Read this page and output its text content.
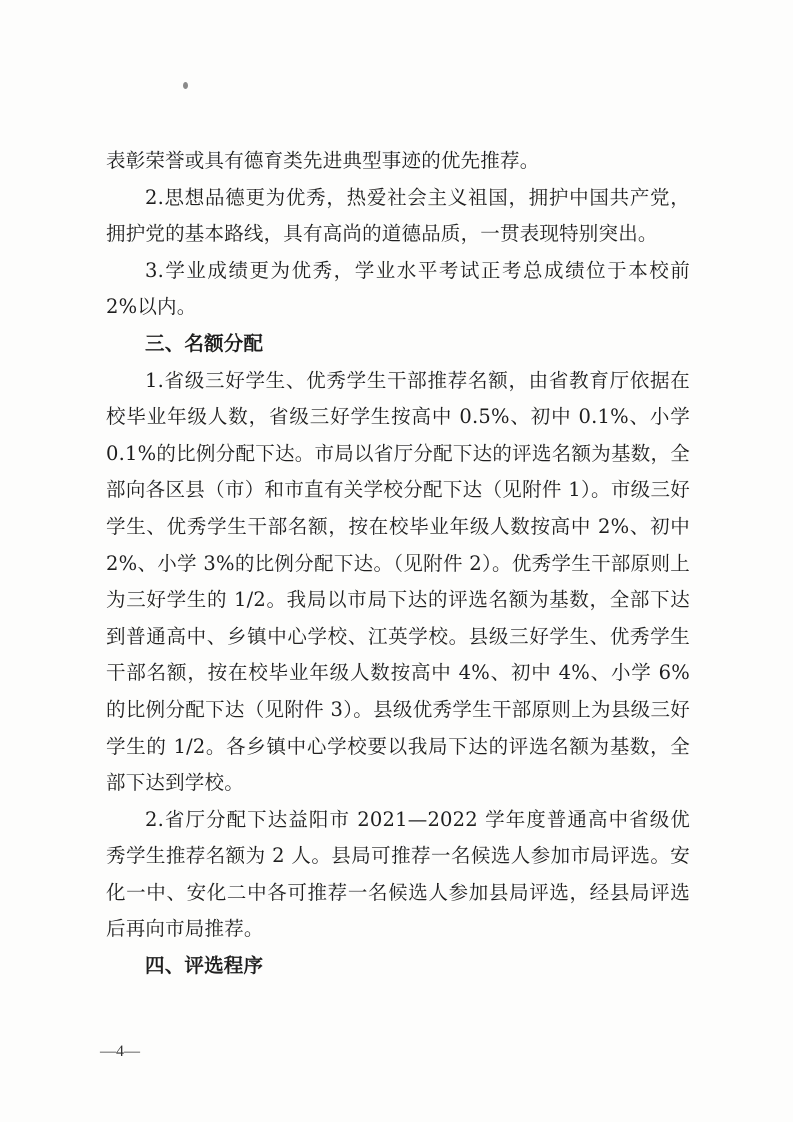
表彰荣誉或具有德育类先进典型事迹的优先推荐。

2.思想品德更为优秀，热爱社会主义祖国，拥护中国共产党，拥护党的基本路线，具有高尚的道德品质，一贯表现特别突出。

3.学业成绩更为优秀，学业水平考试正考总成绩位于本校前 2%以内。

三、名额分配

1.省级三好学生、优秀学生干部推荐名额，由省教育厅依据在校毕业年级人数，省级三好学生按高中 0.5%、初中 0.1%、小学 0.1%的比例分配下达。市局以省厅分配下达的评选名额为基数，全部向各区县（市）和市直有关学校分配下达（见附件 1）。市级三好学生、优秀学生干部名额，按在校毕业年级人数按高中 2%、初中 2%、小学 3%的比例分配下达。（见附件 2）。优秀学生干部原则上为三好学生的 1/2。我局以市局下达的评选名额为基数，全部下达到普通高中、乡镇中心学校、江英学校。县级三好学生、优秀学生干部名额，按在校毕业年级人数按高中 4%、初中 4%、小学 6%的比例分配下达（见附件 3）。县级优秀学生干部原则上为县级三好学生的 1/2。各乡镇中心学校要以我局下达的评选名额为基数，全部下达到学校。

2.省厅分配下达益阳市 2021—2022 学年度普通高中省级优秀学生推荐名额为 2 人。县局可推荐一名候选人参加市局评选。安化一中、安化二中各可推荐一名候选人参加县局评选，经县局评选后再向市局推荐。

四、评选程序

—4—
